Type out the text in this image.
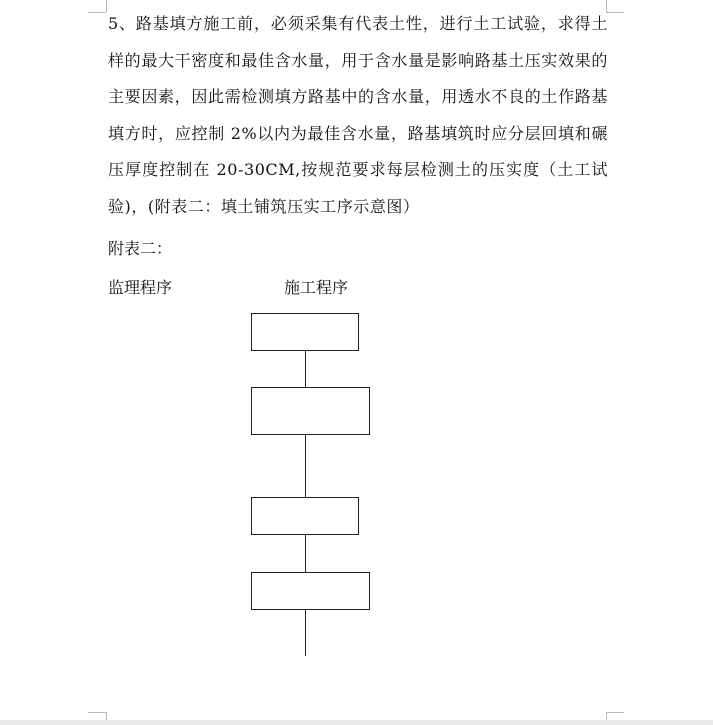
5、路基填方施工前，必须采集有代表土性，进行土工试验，求得土
样的最大干密度和最佳含水量，用于含水量是影响路基土压实效果的
主要因素，因此需检测填方路基中的含水量，用透水不良的土作路基
填方时，应控制 2%以内为最佳含水量，路基填筑时应分层回填和碾
压厚度控制在 20-30CM,按规范要求每层检测土的压实度（土工试
验)，(附表二：填土铺筑压实工序示意图）

附表二：

监理程序	施工程序
